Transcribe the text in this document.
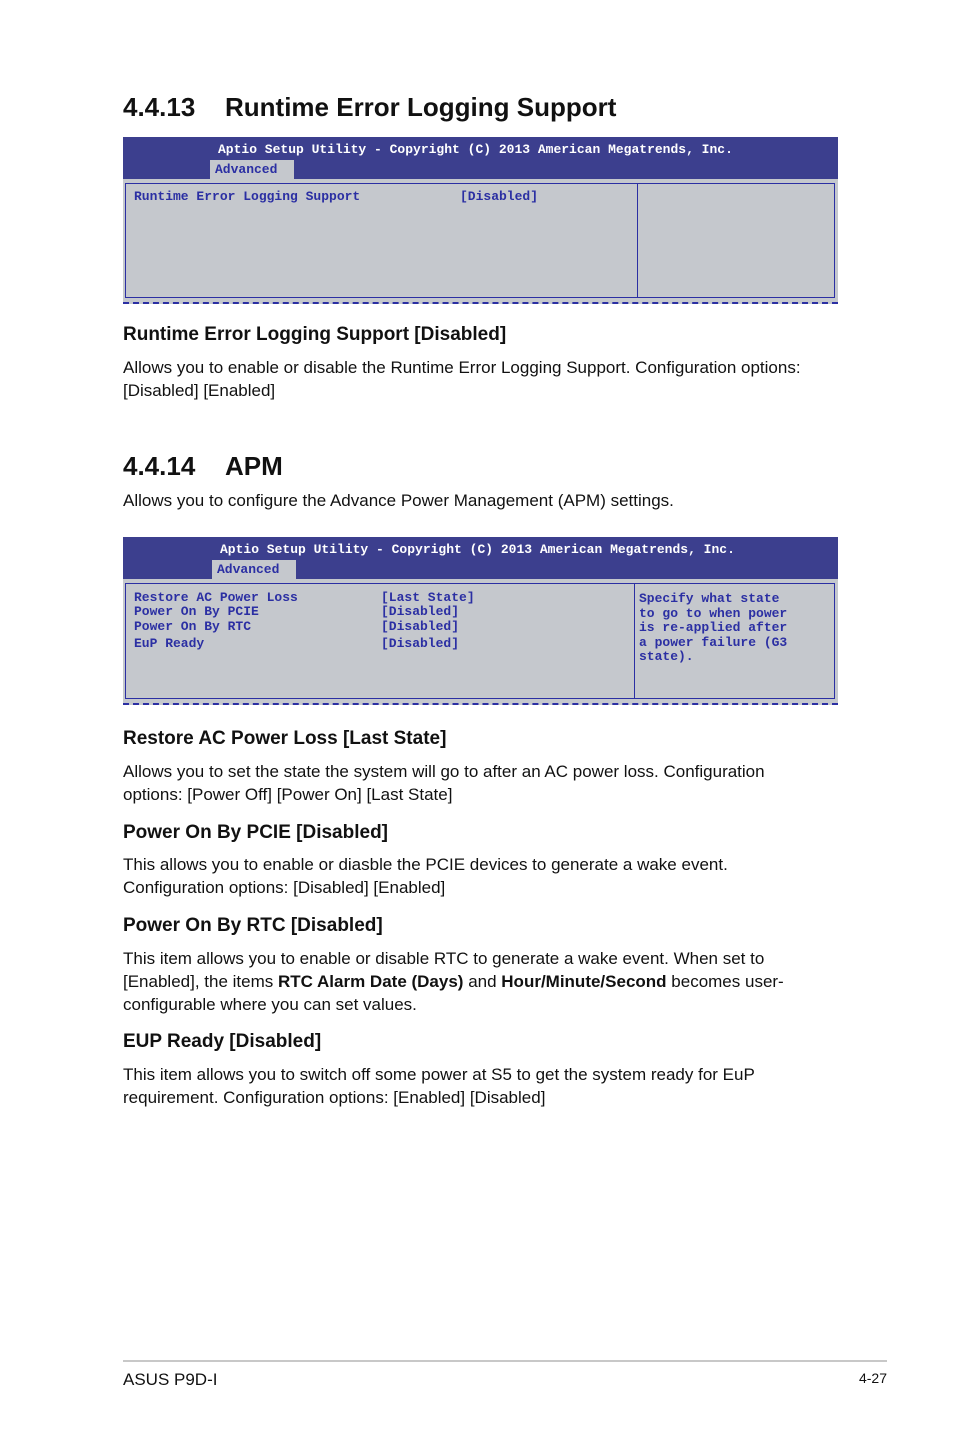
4.4.13 Runtime Error Logging Support
Aptio Setup Utility - Copyright (C) 2013 American Megatrends, Inc.
Advanced
Runtime Error Logging Support	[Disabled]
Runtime Error Logging Support [Disabled]

Allows you to enable or disable the Runtime Error Logging Support. Configuration options: [Disabled] [Enabled]

4.4.14 APM

Allows you to configure the Advance Power Management (APM) settings.

Aptio Setup Utility - Copyright (C) 2013 American Megatrends, Inc.
Advanced
Restore AC Power Loss	[Last State]
Power On By PCIE	[Disabled]
Power On By RTC	[Disabled]
EuP Ready	[Disabled]
Specify what state
to go to when power
is re-applied after
a power failure (G3
state).
Restore AC Power Loss [Last State]

Allows you to set the state the system will go to after an AC power loss. Configuration options: [Power Off] [Power On] [Last State]

Power On By PCIE [Disabled]

This allows you to enable or diasble the PCIE devices to generate a wake event. Configuration options: [Disabled] [Enabled]

Power On By RTC [Disabled]

This item allows you to enable or disable RTC to generate a wake event. When set to [Enabled], the items RTC Alarm Date (Days) and Hour/Minute/Second becomes user-configurable where you can set values.

EUP Ready [Disabled]

This item allows you to switch off some power at S5 to get the system ready for EuP requirement. Configuration options: [Enabled] [Disabled]

ASUS P9D-I	4-27
